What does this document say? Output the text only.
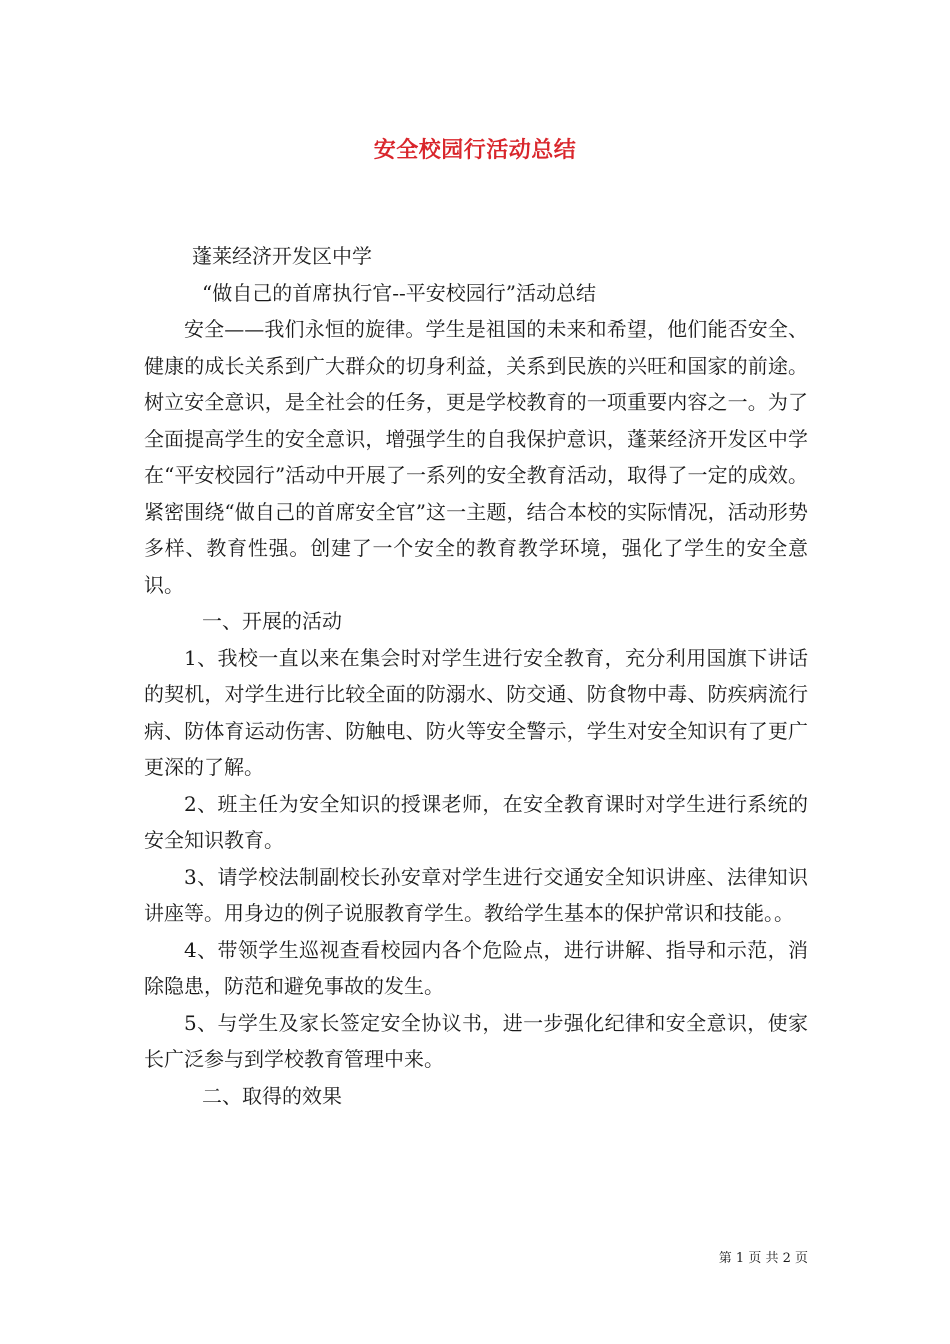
安全校园行活动总结

蓬莱经济开发区中学

“做自己的首席执行官--平安校园行”活动总结

安全——我们永恒的旋律。学生是祖国的未来和希望，他们能否安全、健康的成长关系到广大群众的切身利益，关系到民族的兴旺和国家的前途。树立安全意识，是全社会的任务，更是学校教育的一项重要内容之一。为了全面提高学生的安全意识，增强学生的自我保护意识，蓬莱经济开发区中学在“平安校园行”活动中开展了一系列的安全教育活动，取得了一定的成效。紧密围绕“做自己的首席安全官”这一主题，结合本校的实际情况，活动形势多样、教育性强。创建了一个安全的教育教学环境，强化了学生的安全意识。

一、开展的活动

1、我校一直以来在集会时对学生进行安全教育，充分利用国旗下讲话的契机，对学生进行比较全面的防溺水、防交通、防食物中毒、防疾病流行病、防体育运动伤害、防触电、防火等安全警示，学生对安全知识有了更广更深的了解。

2、班主任为安全知识的授课老师，在安全教育课时对学生进行系统的安全知识教育。

3、请学校法制副校长孙安章对学生进行交通安全知识讲座、法律知识讲座等。用身边的例子说服教育学生。教给学生基本的保护常识和技能。。

4、带领学生巡视查看校园内各个危险点，进行讲解、指导和示范，消除隐患，防范和避免事故的发生。

5、与学生及家长签定安全协议书，进一步强化纪律和安全意识，使家长广泛参与到学校教育管理中来。

二、取得的效果

第 1 页 共 2 页
